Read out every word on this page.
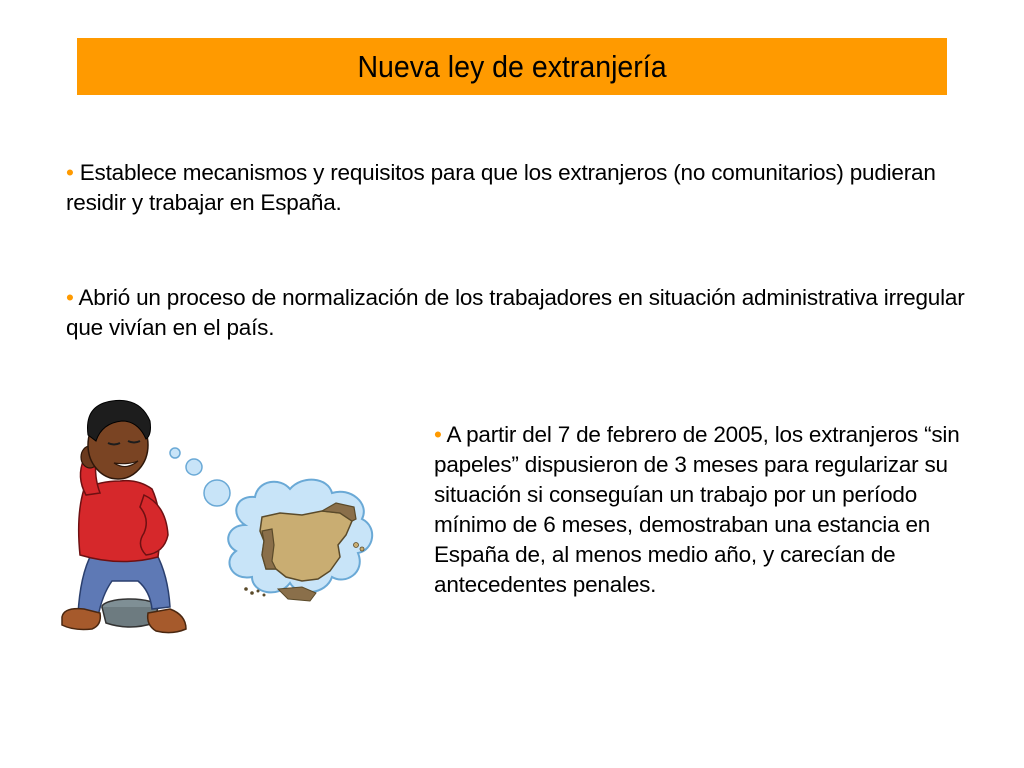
Nueva ley de extranjería

• Establece mecanismos y requisitos para que los extranjeros (no comunitarios) pudieran residir y trabajar en España.

• Abrió un proceso de normalización de los trabajadores en situación administrativa irregular que vivían en el país.

• A partir del 7 de febrero de 2005, los extranjeros “sin papeles” dispusieron de 3 meses para regularizar su situación si conseguían un trabajo por un período mínimo de 6 meses, demostraban una estancia en España de, al menos medio año, y carecían de antecedentes penales.
